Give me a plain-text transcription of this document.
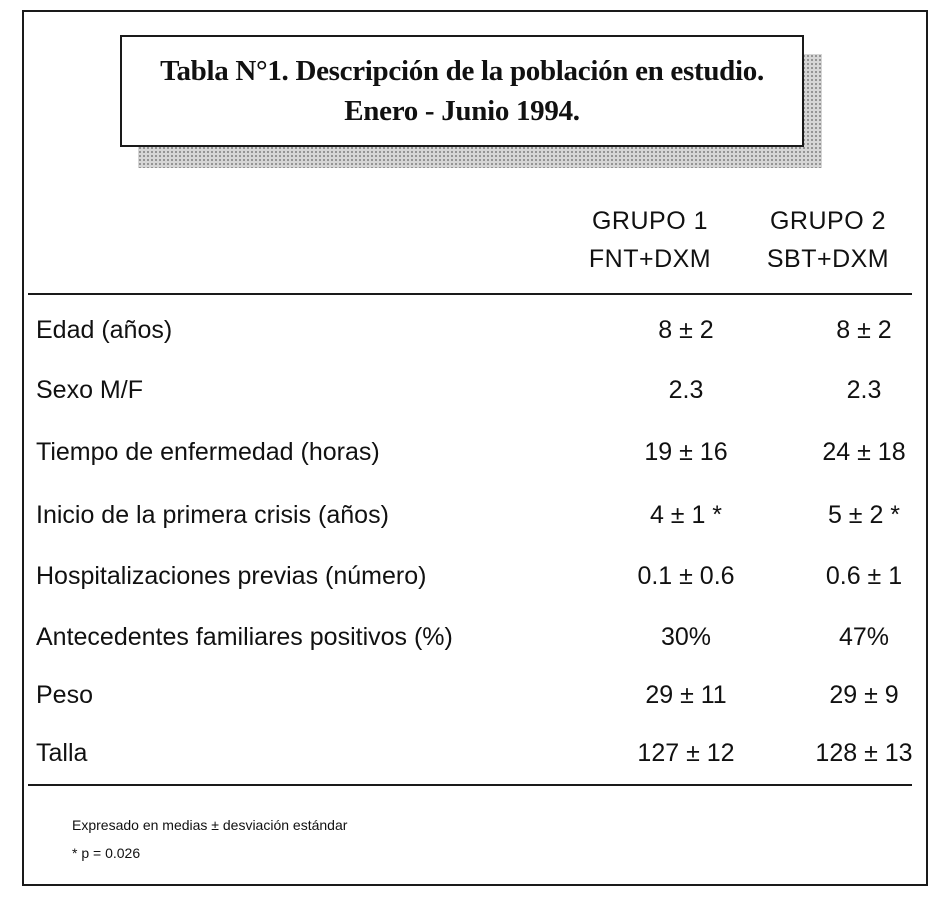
Tabla N°1. Descripción de la población en estudio.
Enero - Junio 1994.
GRUPO 1
FNT+DXM
GRUPO 2
SBT+DXM
Edad (años)	8 ± 2	8 ± 2
Sexo M/F	2.3	2.3
Tiempo de enfermedad (horas)	19 ± 16	24 ± 18
Inicio de la primera crisis (años)	4 ± 1 *	5 ± 2 *
Hospitalizaciones previas (número)	0.1 ± 0.6	0.6 ± 1
Antecedentes familiares positivos (%)	30%	47%
Peso	29 ± 11	29 ± 9
Talla	127 ± 12	128 ± 13
Expresado en medias ± desviación estándar
* p = 0.026
